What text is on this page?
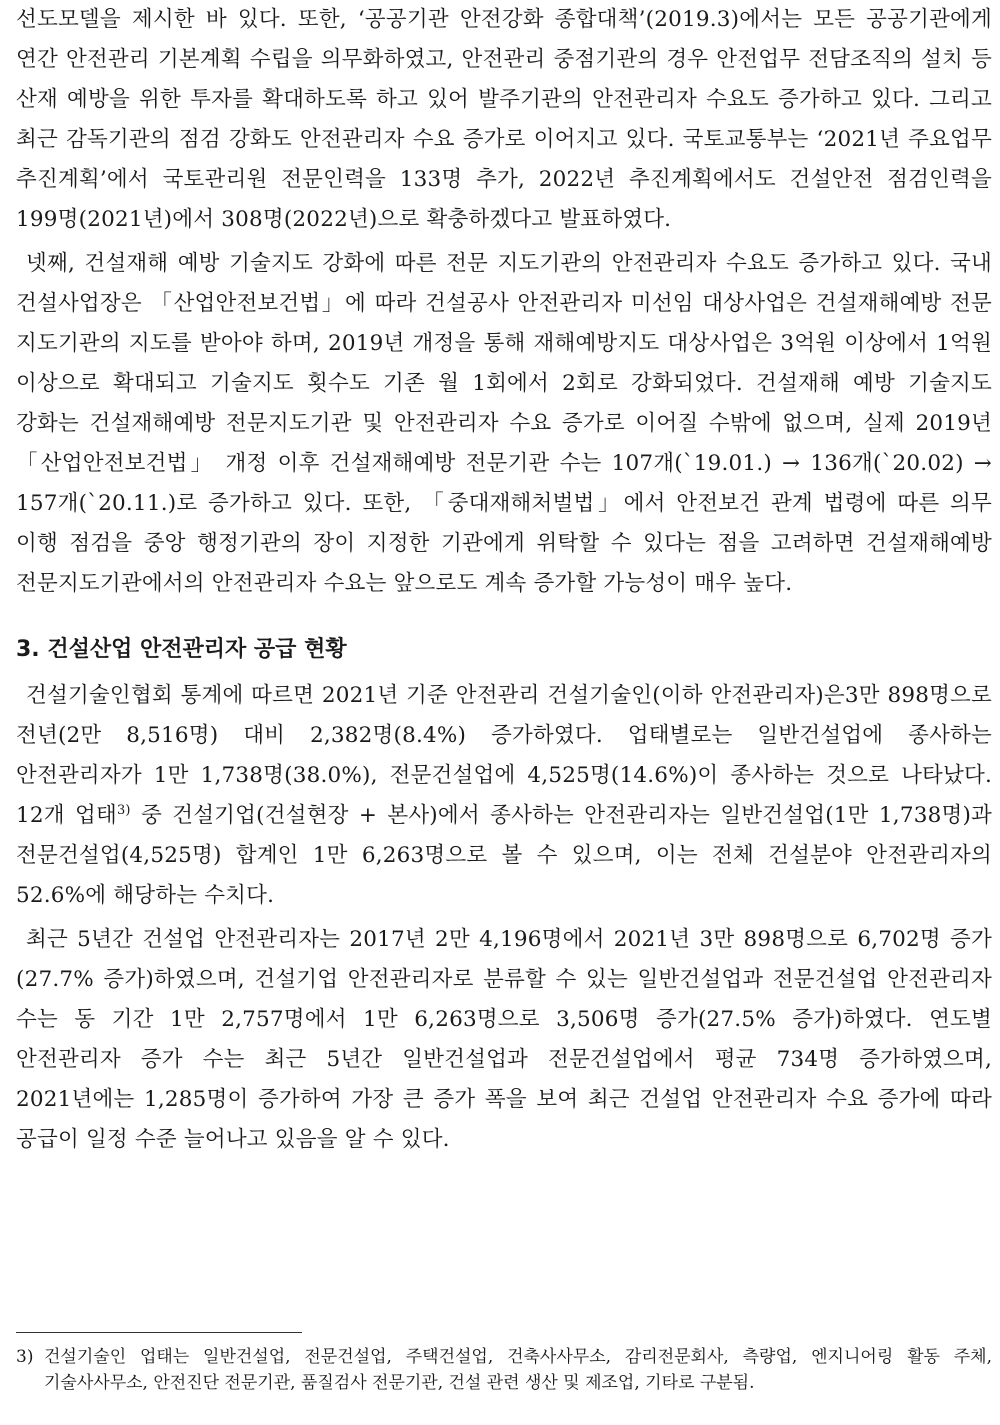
선도모델을 제시한 바 있다. 또한, ‘공공기관 안전강화 종합대책’(2019.3)에서는 모든 공공기관에게 연간 안전관리 기본계획 수립을 의무화하였고, 안전관리 중점기관의 경우 안전업무 전담조직의 설치 등 산재 예방을 위한 투자를 확대하도록 하고 있어 발주기관의 안전관리자 수요도 증가하고 있다. 그리고 최근 감독기관의 점검 강화도 안전관리자 수요 증가로 이어지고 있다. 국토교통부는 ‘2021년 주요업무 추진계획’에서 국토관리원 전문인력을 133명 추가, 2022년 추진계획에서도 건설안전 점검인력을 199명(2021년)에서 308명(2022년)으로 확충하겠다고 발표하였다.

넷째, 건설재해 예방 기술지도 강화에 따른 전문 지도기관의 안전관리자 수요도 증가하고 있다. 국내 건설사업장은 「산업안전보건법」에 따라 건설공사 안전관리자 미선임 대상사업은 건설재해예방 전문 지도기관의 지도를 받아야 하며, 2019년 개정을 통해 재해예방지도 대상사업은 3억원 이상에서 1억원 이상으로 확대되고 기술지도 횟수도 기존 월 1회에서 2회로 강화되었다. 건설재해 예방 기술지도 강화는 건설재해예방 전문지도기관 및 안전관리자 수요 증가로 이어질 수밖에 없으며, 실제 2019년 「산업안전보건법」 개정 이후 건설재해예방 전문기관 수는 107개(`19.01.) → 136개(`20.02) → 157개(`20.11.)로 증가하고 있다. 또한, 「중대재해처벌법」에서 안전보건 관계 법령에 따른 의무 이행 점검을 중앙 행정기관의 장이 지정한 기관에게 위탁할 수 있다는 점을 고려하면 건설재해예방 전문지도기관에서의 안전관리자 수요는 앞으로도 계속 증가할 가능성이 매우 높다.

3. 건설산업 안전관리자 공급 현황

건설기술인협회 통계에 따르면 2021년 기준 안전관리 건설기술인(이하 안전관리자)은3만 898명으로 전년(2만 8,516명) 대비 2,382명(8.4%) 증가하였다. 업태별로는 일반건설업에 종사하는 안전관리자가 1만 1,738명(38.0%), 전문건설업에 4,525명(14.6%)이 종사하는 것으로 나타났다. 12개 업태$^{3)}$ 중 건설기업(건설현장 + 본사)에서 종사하는 안전관리자는 일반건설업(1만 1,738명)과 전문건설업(4,525명) 합계인 1만 6,263명으로 볼 수 있으며, 이는 전체 건설분야 안전관리자의 52.6%에 해당하는 수치다.

최근 5년간 건설업 안전관리자는 2017년 2만 4,196명에서 2021년 3만 898명으로 6,702명 증가(27.7% 증가)하였으며, 건설기업 안전관리자로 분류할 수 있는 일반건설업과 전문건설업 안전관리자 수는 동 기간 1만 2,757명에서 1만 6,263명으로 3,506명 증가(27.5% 증가)하였다. 연도별 안전관리자 증가 수는 최근 5년간 일반건설업과 전문건설업에서 평균 734명 증가하였으며, 2021년에는 1,285명이 증가하여 가장 큰 증가 폭을 보여 최근 건설업 안전관리자 수요 증가에 따라 공급이 일정 수준 늘어나고 있음을 알 수 있다.

3) 건설기술인 업태는 일반건설업, 전문건설업, 주택건설업, 건축사사무소, 감리전문회사, 측량업, 엔지니어링 활동 주체, 기술사사무소, 안전진단 전문기관, 품질검사 전문기관, 건설 관련 생산 및 제조업, 기타로 구분됨.
